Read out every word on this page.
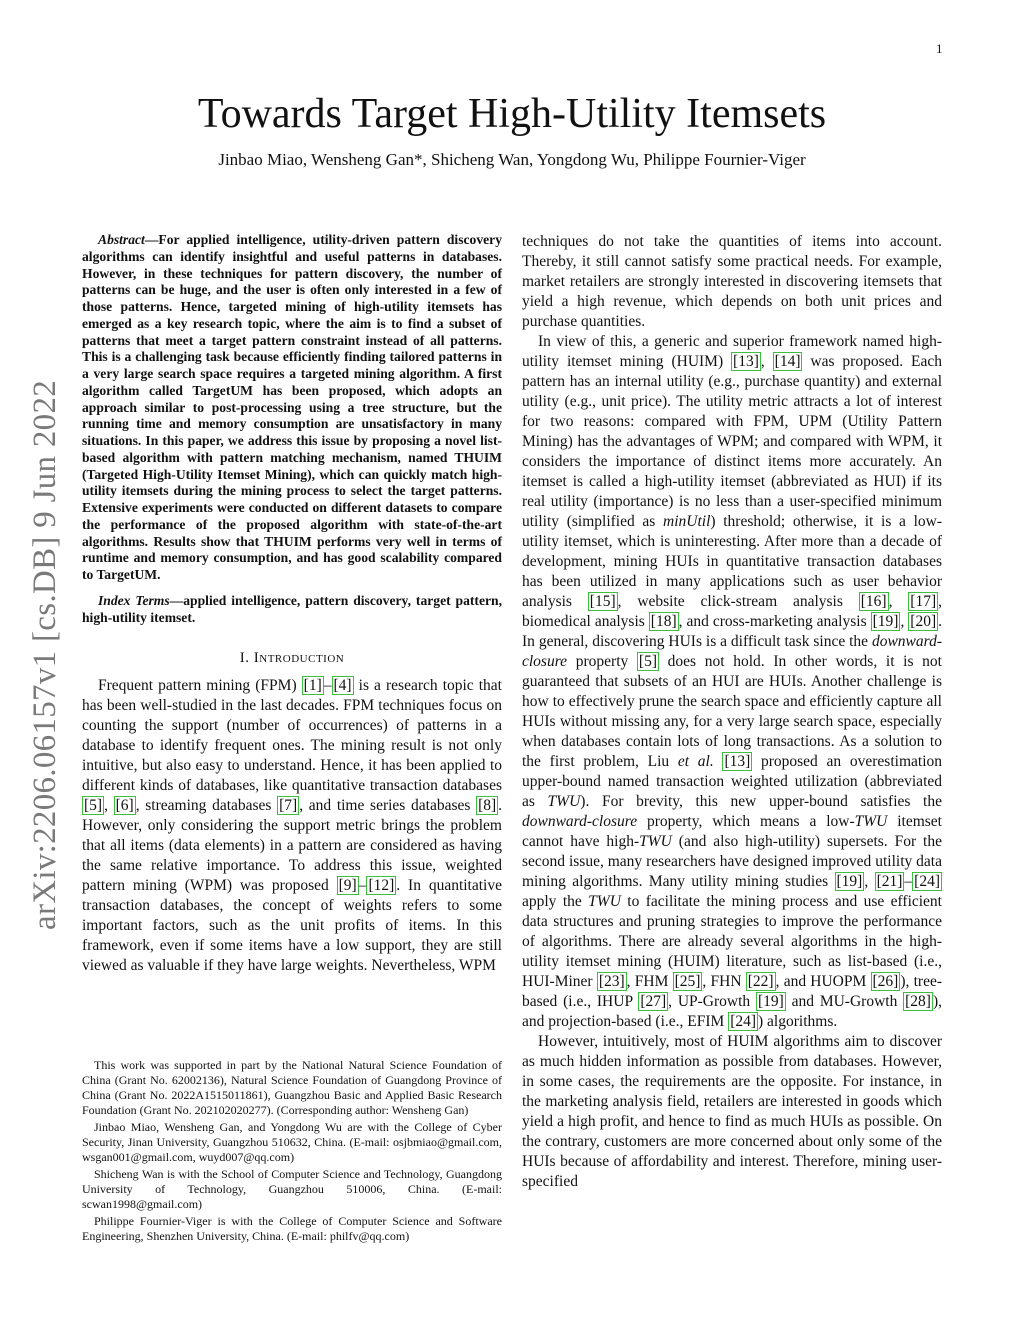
1
arXiv:2206.06157v1 [cs.DB] 9 Jun 2022
Towards Target High-Utility Itemsets
Jinbao Miao, Wensheng Gan*, Shicheng Wan, Yongdong Wu, Philippe Fournier-Viger

Abstract—For applied intelligence, utility-driven pattern discovery algorithms can identify insightful and useful patterns in databases. However, in these techniques for pattern discovery, the number of patterns can be huge, and the user is often only interested in a few of those patterns. Hence, targeted mining of high-utility itemsets has emerged as a key research topic, where the aim is to find a subset of patterns that meet a target pattern constraint instead of all patterns. This is a challenging task because efficiently finding tailored patterns in a very large search space requires a targeted mining algorithm. A first algorithm called TargetUM has been proposed, which adopts an approach similar to post-processing using a tree structure, but the running time and memory consumption are unsatisfactory in many situations. In this paper, we address this issue by proposing a novel list-based algorithm with pattern matching mechanism, named THUIM (Targeted High-Utility Itemset Mining), which can quickly match high-utility itemsets during the mining process to select the target patterns. Extensive experiments were conducted on different datasets to compare the performance of the proposed algorithm with state-of-the-art algorithms. Results show that THUIM performs very well in terms of runtime and memory consumption, and has good scalability compared to TargetUM.

Index Terms—applied intelligence, pattern discovery, target pattern, high-utility itemset.

I. Introduction

Frequent pattern mining (FPM) [1] – [4] is a research topic that has been well-studied in the last decades. FPM techniques focus on counting the support (number of occurrences) of patterns in a database to identify frequent ones. The mining result is not only intuitive, but also easy to understand. Hence, it has been applied to different kinds of databases, like quantitative transaction databases [5] , [6] , streaming databases [7] , and time series databases [8] . However, only considering the support metric brings the problem that all items (data elements) in a pattern are considered as having the same relative importance. To address this issue, weighted pattern mining (WPM) was proposed [9] – [12] . In quantitative transaction databases, the concept of weights refers to some important factors, such as the unit profits of items. In this framework, even if some items have a low support, they are still viewed as valuable if they have large weights. Nevertheless, WPM

This work was supported in part by the National Natural Science Foundation of China (Grant No. 62002136), Natural Science Foundation of Guangdong Province of China (Grant No. 2022A1515011861), Guangzhou Basic and Applied Basic Research Foundation (Grant No. 202102020277). (Corresponding author: Wensheng Gan)

Jinbao Miao, Wensheng Gan, and Yongdong Wu are with the College of Cyber Security, Jinan University, Guangzhou 510632, China. (E-mail: osjbmiao@gmail.com, wsgan001@gmail.com, wuyd007@qq.com)

Shicheng Wan is with the School of Computer Science and Technology, Guangdong University of Technology, Guangzhou 510006, China. (E-mail: scwan1998@gmail.com)

Philippe Fournier-Viger is with the College of Computer Science and Software Engineering, Shenzhen University, China. (E-mail: philfv@qq.com)

techniques do not take the quantities of items into account. Thereby, it still cannot satisfy some practical needs. For example, market retailers are strongly interested in discovering itemsets that yield a high revenue, which depends on both unit prices and purchase quantities.

In view of this, a generic and superior framework named high-utility itemset mining (HUIM) [13] , [14] was proposed. Each pattern has an internal utility (e.g., purchase quantity) and external utility (e.g., unit price). The utility metric attracts a lot of interest for two reasons: compared with FPM, UPM (Utility Pattern Mining) has the advantages of WPM; and compared with WPM, it considers the importance of distinct items more accurately. An itemset is called a high-utility itemset (abbreviated as HUI) if its real utility (importance) is no less than a user-specified minimum utility (simplified as minUtil) threshold; otherwise, it is a low-utility itemset, which is uninteresting. After more than a decade of development, mining HUIs in quantitative transaction databases has been utilized in many applications such as user behavior analysis [15] , website click-stream analysis [16] , [17] , biomedical analysis [18] , and cross-marketing analysis [19] , [20] . In general, discovering HUIs is a difficult task since the downward-closure property [5] does not hold. In other words, it is not guaranteed that subsets of an HUI are HUIs. Another challenge is how to effectively prune the search space and efficiently capture all HUIs without missing any, for a very large search space, especially when databases contain lots of long transactions. As a solution to the first problem, Liu et al. [13] proposed an overestimation upper-bound named transaction weighted utilization (abbreviated as TWU). For brevity, this new upper-bound satisfies the downward-closure property, which means a low-TWU itemset cannot have high-TWU (and also high-utility) supersets. For the second issue, many researchers have designed improved utility data mining algorithms. Many utility mining studies [19] , [21] – [24] apply the TWU to facilitate the mining process and use efficient data structures and pruning strategies to improve the performance of algorithms. There are already several algorithms in the high-utility itemset mining (HUIM) literature, such as list-based (i.e., HUI-Miner [23] , FHM [25] , FHN [22] , and HUOPM [26] ), tree-based (i.e., IHUP [27] , UP-Growth [19] and MU-Growth [28] ), and projection-based (i.e., EFIM [24] ) algorithms.

However, intuitively, most of HUIM algorithms aim to discover as much hidden information as possible from databases. However, in some cases, the requirements are the opposite. For instance, in the marketing analysis field, retailers are interested in goods which yield a high profit, and hence to find as much HUIs as possible. On the contrary, customers are more concerned about only some of the HUIs because of affordability and interest. Therefore, mining user-specified
